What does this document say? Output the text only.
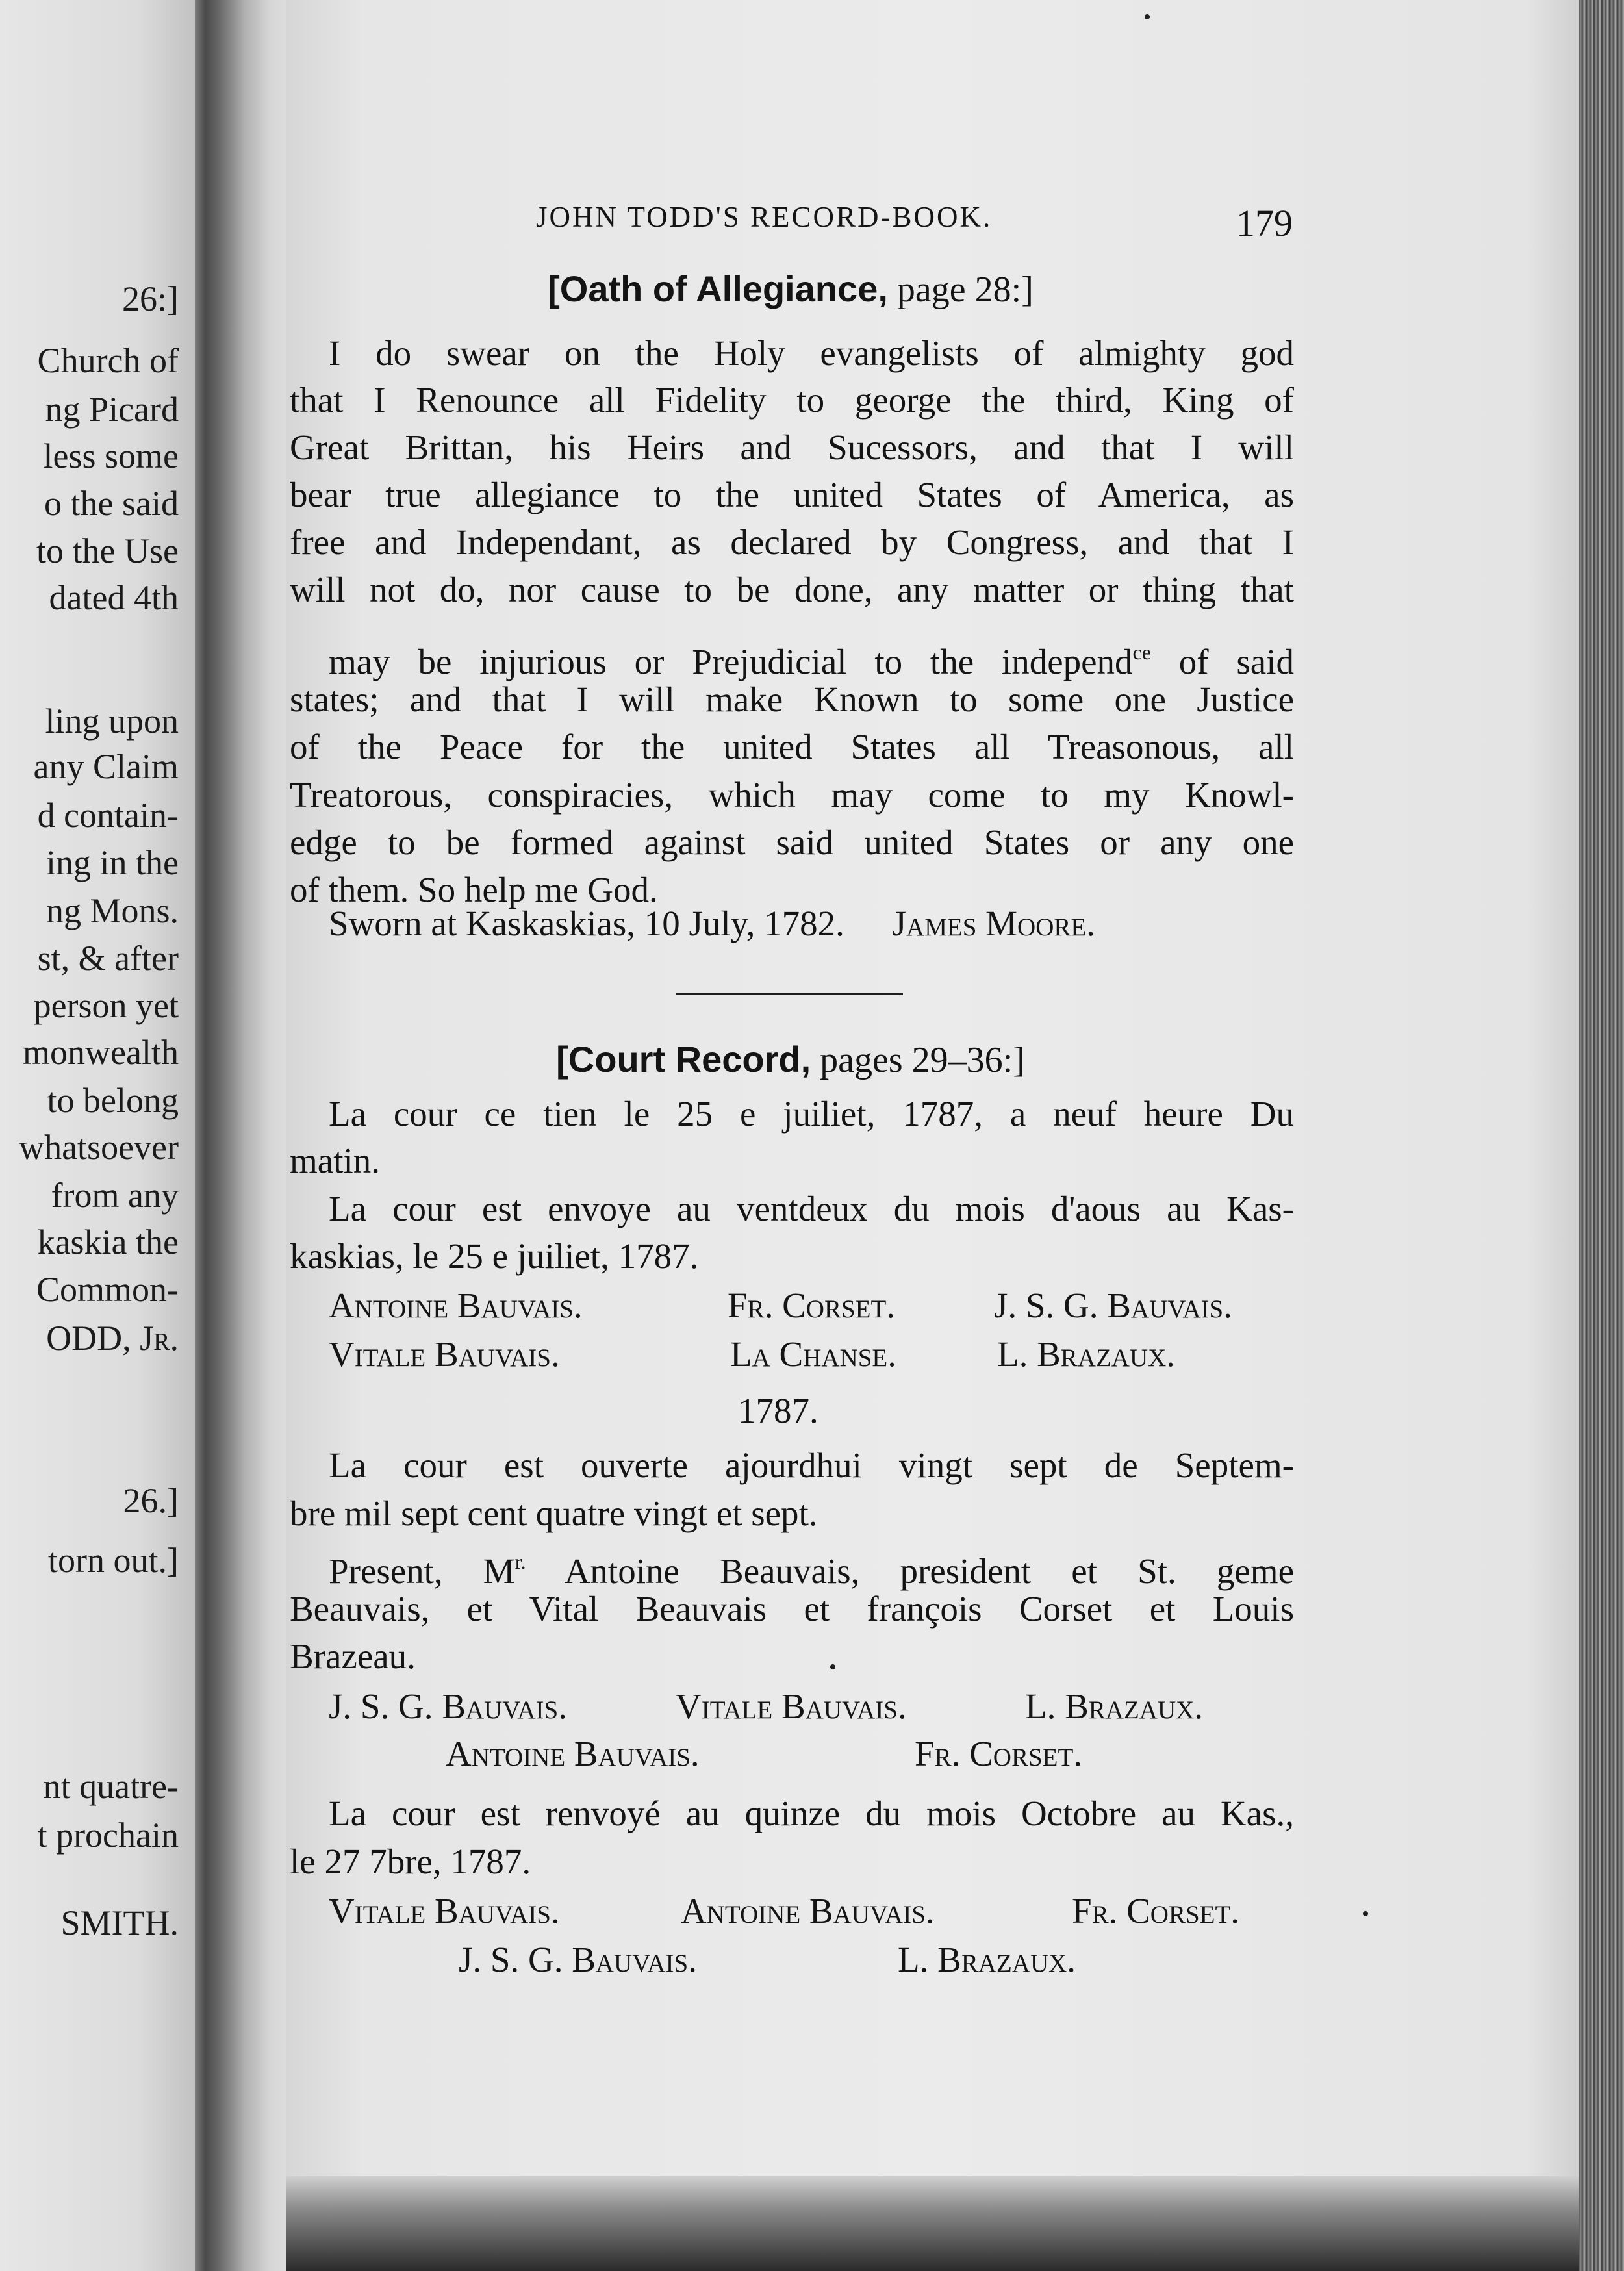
26:]
Church of
ng Picard
less some
o the said
to the Use
dated 4th
ling upon
any Claim
d contain-
ing in the
ng Mons.
st, & after
person yet
monwealth
to belong
whatsoever
from any
kaskia the
Common-
ODD, Jr.
26.]
torn out.]
nt quatre-
t prochain
SMITH.
JOHN TODD'S RECORD-BOOK.	179
[Oath of Allegiance, page 28:]
I do swear on the Holy evangelists of almighty god
that I Renounce all Fidelity to george the third, King of
Great Brittan, his Heirs and Sucessors, and that I will
bear true allegiance to the united States of America, as
free and Independant, as declared by Congress, and that I
will not do, nor cause to be done, any matter or thing that
may be injurious or Prejudicial to the independ$^{ce}$ of said
states; and that I will make Known to some one Justice
of the Peace for the united States all Treasonous, all
Treatorous, conspiracies, which may come to my Knowl-
edge to be formed against said united States or any one
of them. So help me God.
Sworn at Kaskaskias, 10 July, 1782. James Moore.
[Court Record, pages 29–36:]
La cour ce tien le 25 e juiliet, 1787, a neuf heure Du
matin.
La cour est envoye au ventdeux du mois d'aous au Kas-
kaskias, le 25 e juiliet, 1787.
Antoine Bauvais.	Fr. Corset.	J. S. G. Bauvais.
Vitale Bauvais.	La Chanse.	L. Brazaux.
1787.
La cour est ouverte ajourdhui vingt sept de Septem-
bre mil sept cent quatre vingt et sept.
Present, $M^{r.}$ Antoine Beauvais, president et St. geme
Beauvais, et Vital Beauvais et françois Corset et Louis
Brazeau.
J. S. G. Bauvais.	Vitale Bauvais.	L. Brazaux.
Antoine Bauvais.	Fr. Corset.
La cour est renvoyé au quinze du mois Octobre au Kas.,
le 27 7bre, 1787.
Vitale Bauvais.	Antoine Bauvais.	Fr. Corset.
J. S. G. Bauvais.	L. Brazaux.
